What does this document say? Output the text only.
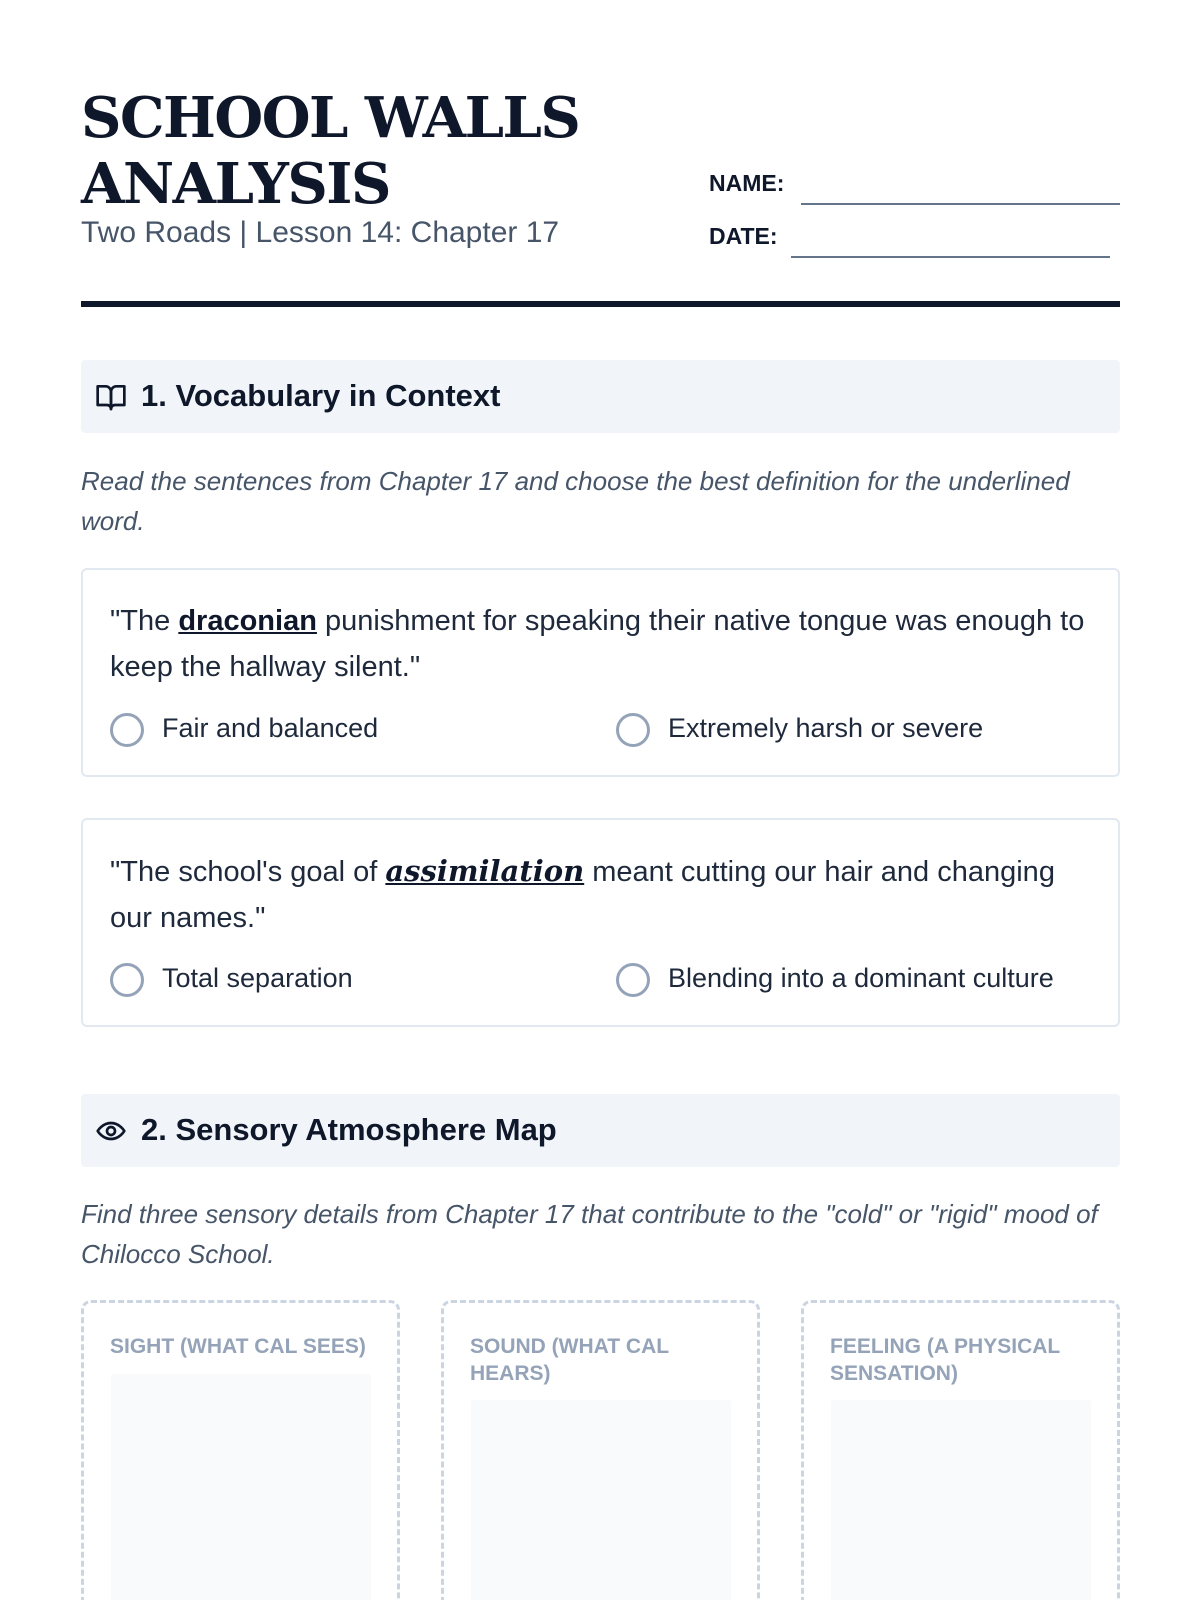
SCHOOL WALLS ANALYSIS
Two Roads | Lesson 14: Chapter 17
NAME:
DATE:
1. Vocabulary in Context
Read the sentences from Chapter 17 and choose the best definition for the underlined word.
"The draconian punishment for speaking their native tongue was enough to keep the hallway silent."
Fair and balanced	Extremely harsh or severe
"The school's goal of assimilation meant cutting our hair and changing our names."
Total separation	Blending into a dominant culture
2. Sensory Atmosphere Map
Find three sensory details from Chapter 17 that contribute to the "cold" or "rigid" mood of Chilocco School.
SIGHT (WHAT CAL SEES)	SOUND (WHAT CAL HEARS)
FEELING (A PHYSICAL SENSATION)
